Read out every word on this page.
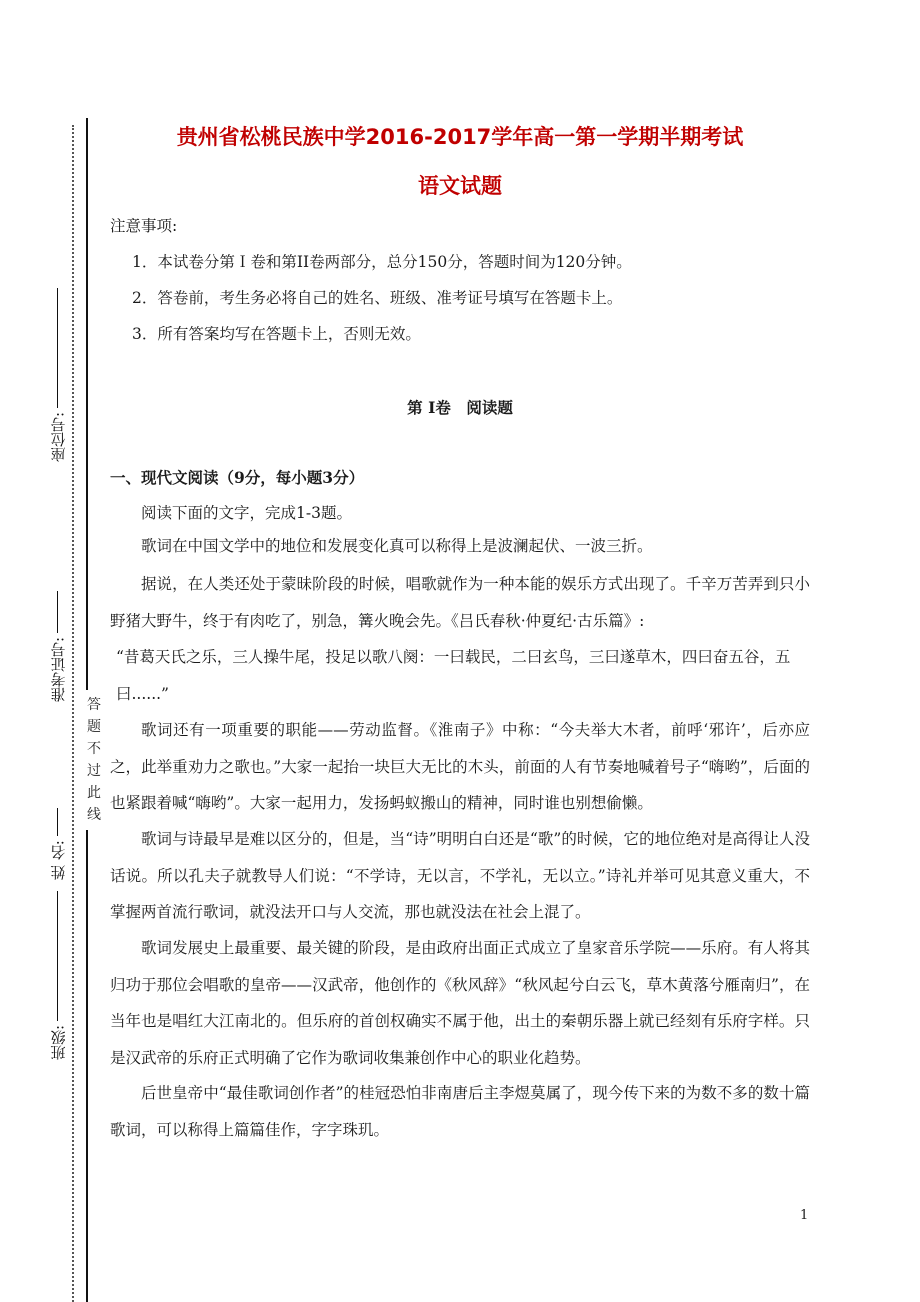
座位号:
准考证号:
姓 名:
班级:
答
题
不
过
此
线
贵州省松桃民族中学2016-2017学年高一第一学期半期考试
语文试题
注意事项:
1．本试卷分第Ｉ卷和第II卷两部分，总分150分，答题时间为120分钟。
2．答卷前，考生务必将自己的姓名、班级、准考证号填写在答题卡上。
3．所有答案均写在答题卡上，否则无效。
第 I卷　阅读题
一、现代文阅读（9分，每小题3分）
阅读下面的文字，完成1-3题。
歌词在中国文学中的地位和发展变化真可以称得上是波澜起伏、一波三折。
据说，在人类还处于蒙昧阶段的时候，唱歌就作为一种本能的娱乐方式出现了。千辛万苦弄到只小野猪大野牛，终于有肉吃了，别急，篝火晚会先。《吕氏春秋·仲夏纪·古乐篇》:
“昔葛天氏之乐，三人操牛尾，投足以歌八阕：一曰载民，二曰玄鸟，三曰遂草木，四曰奋五谷，五曰......”
歌词还有一项重要的职能——劳动监督。《淮南子》中称：“今夫举大木者，前呼‘邪许’，后亦应之，此举重劝力之歌也。”大家一起抬一块巨大无比的木头，前面的人有节奏地喊着号子“嗨哟”，后面的也紧跟着喊“嗨哟”。大家一起用力，发扬蚂蚁搬山的精神，同时谁也别想偷懒。
歌词与诗最早是难以区分的，但是，当“诗”明明白白还是“歌”的时候，它的地位绝对是高得让人没话说。所以孔夫子就教导人们说：“不学诗，无以言，不学礼，无以立。”诗礼并举可见其意义重大，不掌握两首流行歌词，就没法开口与人交流，那也就没法在社会上混了。
歌词发展史上最重要、最关键的阶段，是由政府出面正式成立了皇家音乐学院——乐府。有人将其归功于那位会唱歌的皇帝——汉武帝，他创作的《秋风辞》“秋风起兮白云飞，草木黄落兮雁南归”，在当年也是唱红大江南北的。但乐府的首创权确实不属于他，出土的秦朝乐器上就已经刻有乐府字样。只是汉武帝的乐府正式明确了它作为歌词收集兼创作中心的职业化趋势。
后世皇帝中“最佳歌词创作者”的桂冠恐怕非南唐后主李煜莫属了，现今传下来的为数不多的数十篇歌词，可以称得上篇篇佳作，字字珠玑。
1
